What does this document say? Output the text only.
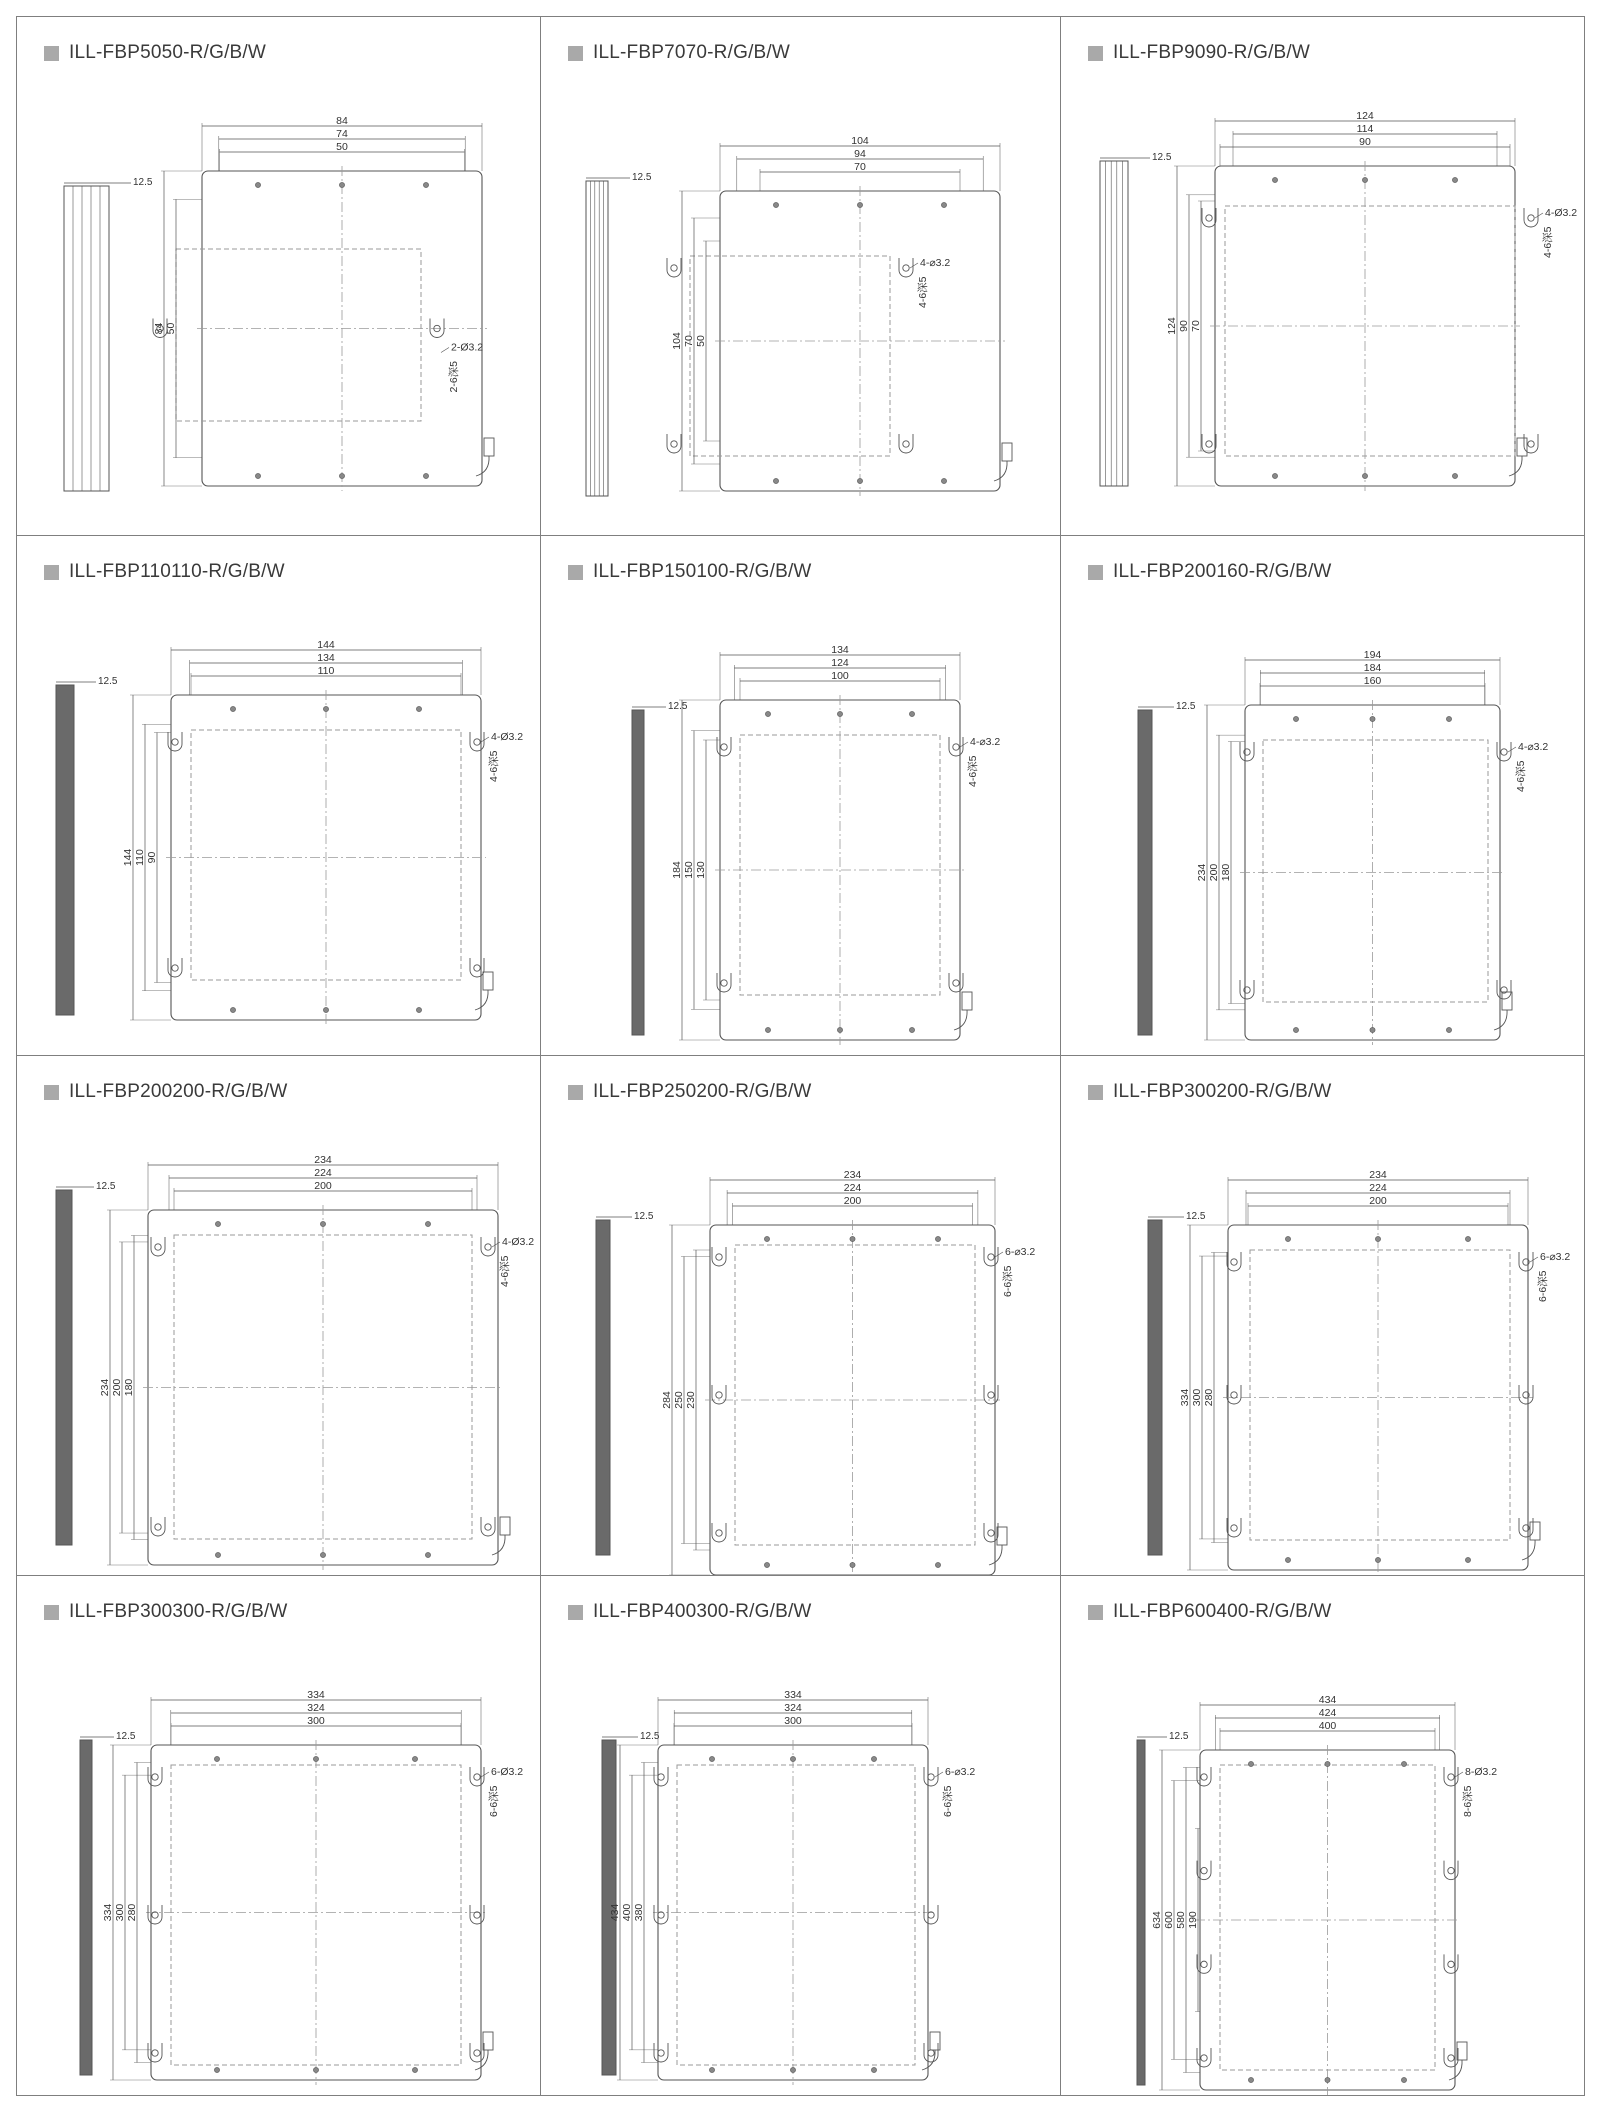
ILL-FBP5050-R/G/B/W
12.5
84
74
50
84 50
2-Ø3.2
2-6深5
ILL-FBP7070-R/G/B/W
12.5
104
94
70
104 70 50
4-⌀3.2
4-6深5
ILL-FBP9090-R/G/B/W
12.5
124
114
90
124 90 70
4-Ø3.2
4-6深5
ILL-FBP110110-R/G/B/W
12.5
144
134
110
144 110 90
4-Ø3.2
4-6深5
ILL-FBP150100-R/G/B/W
12.5
134
124
100
184 150 130
4-⌀3.2
4-6深5
ILL-FBP200160-R/G/B/W
12.5
194
184
160
234 200 180
4-⌀3.2
4-6深5
ILL-FBP200200-R/G/B/W
12.5
234
224
200
234 200 180
4-Ø3.2
4-6深5
ILL-FBP250200-R/G/B/W
12.5
234
224
200
284 250 230
6-⌀3.2
6-6深5
ILL-FBP300200-R/G/B/W
12.5
234
224
200
334 300 280
6-⌀3.2
6-6深5
ILL-FBP300300-R/G/B/W
12.5
334
324
300
334 300 280
6-Ø3.2
6-6深5
ILL-FBP400300-R/G/B/W
12.5
334
324
300
434 400 380
6-⌀3.2
6-6深5
ILL-FBP600400-R/G/B/W
12.5
434
424
400
634 600 580 190
8-Ø3.2
8-6深5
